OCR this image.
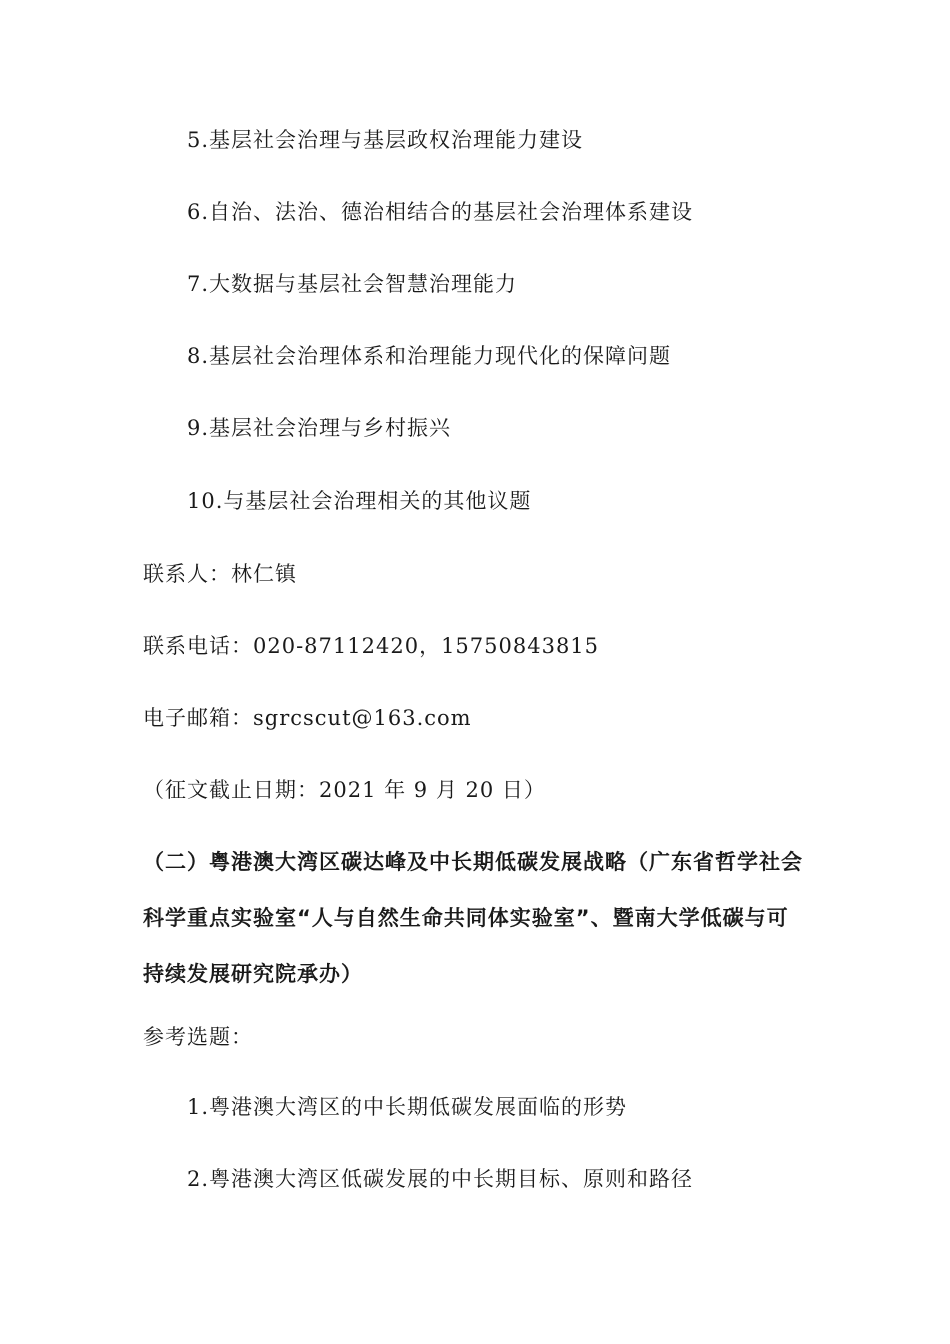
5.基层社会治理与基层政权治理能力建设
6.自治、法治、德治相结合的基层社会治理体系建设
7.大数据与基层社会智慧治理能力
8.基层社会治理体系和治理能力现代化的保障问题
9.基层社会治理与乡村振兴
10.与基层社会治理相关的其他议题
联系人：林仁镇
联系电话：020-87112420，15750843815
电子邮箱：sgrcscut@163.com
（征文截止日期：2021 年 9 月 20 日）
（二）粤港澳大湾区碳达峰及中长期低碳发展战略（广东省哲学社会
科学重点实验室“人与自然生命共同体实验室”、暨南大学低碳与可
持续发展研究院承办）
参考选题：
1.粤港澳大湾区的中长期低碳发展面临的形势
2.粤港澳大湾区低碳发展的中长期目标、原则和路径
